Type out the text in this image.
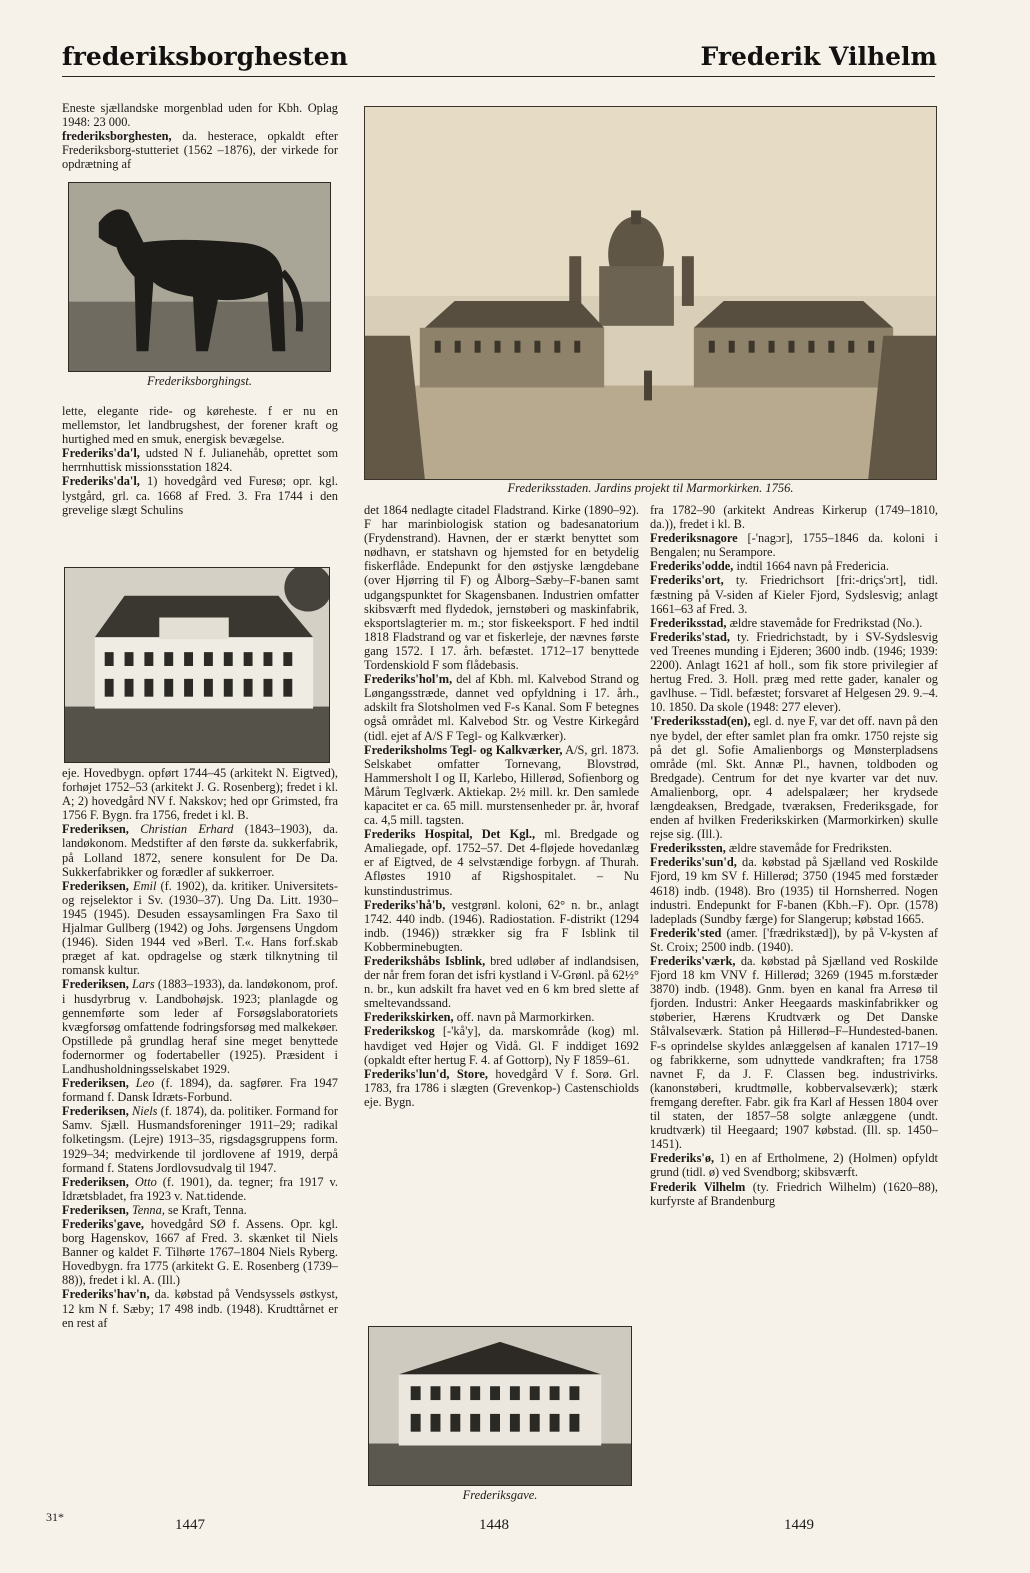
frederiksborghesten	Frederik Vilhelm

Eneste sjællandske morgenblad uden for Kbh. Oplag 1948: 23 000.

frederiksborghesten, da. hesterace, opkaldt efter Frederiksborg-stutteriet (1562 –1876), der virkede for opdrætning af

Frederiksborghingst.

lette, elegante ride- og køreheste. f er nu en mellemstor, let landbrugshest, der forener kraft og hurtighed med en smuk, energisk bevægelse.

Frederiks'da'l, udsted N f. Julianehåb, oprettet som herrnhuttisk missionsstation 1824.

Frederiks'da'l, 1) hovedgård ved Furesø; opr. kgl. lystgård, grl. ca. 1668 af Fred. 3. Fra 1744 i den grevelige slægt Schulins

eje. Hovedbygn. opført 1744–45 (arkitekt N. Eigtved), forhøjet 1752–53 (arkitekt J. G. Rosenberg); fredet i kl. A; 2) hovedgård NV f. Nakskov; hed opr Grimsted, fra 1756 F. Bygn. fra 1756, fredet i kl. B.

Frederiksen, Christian Erhard (1843–1903), da. landøkonom. Medstifter af den første da. sukkerfabrik, på Lolland 1872, senere konsulent for De Da. Sukkerfabrikker og forædler af sukkerroer.

Frederiksen, Emil (f. 1902), da. kritiker. Universitets- og rejselektor i Sv. (1930–37). Ung Da. Litt. 1930–1945 (1945). Desuden essaysamlingen Fra Saxo til Hjalmar Gullberg (1942) og Johs. Jørgensens Ungdom (1946). Siden 1944 ved »Berl. T.«. Hans forf.skab præget af kat. opdragelse og stærk tilknytning til romansk kultur.

Frederiksen, Lars (1883–1933), da. landøkonom, prof. i husdyrbrug v. Landbohøjsk. 1923; planlagde og gennemførte som leder af Forsøgslaboratoriets kvægforsøg omfattende fodringsforsøg med malkekøer. Opstillede på grundlag heraf sine meget benyttede fodernormer og fodertabeller (1925). Præsident i Landhusholdningsselskabet 1929.

Frederiksen, Leo (f. 1894), da. sagfører. Fra 1947 formand f. Dansk Idræts-Forbund.

Frederiksen, Niels (f. 1874), da. politiker. Formand for Samv. Sjæll. Husmandsforeninger 1911–29; radikal folketingsm. (Lejre) 1913–35, rigsdagsgruppens form. 1929–34; medvirkende til jordlovene af 1919, derpå formand f. Statens Jordlovsudvalg til 1947.

Frederiksen, Otto (f. 1901), da. tegner; fra 1917 v. Idrætsbladet, fra 1923 v. Nat.tidende.

Frederiksen, Tenna, se Kraft, Tenna.

Frederiks'gave, hovedgård SØ f. Assens. Opr. kgl. borg Hagenskov, 1667 af Fred. 3. skænket til Niels Banner og kaldet F. Tilhørte 1767–1804 Niels Ryberg. Hovedbygn. fra 1775 (arkitekt G. E. Rosenberg (1739–88)), fredet i kl. A. (Ill.)

Frederiks'hav'n, da. købstad på Vendsyssels østkyst, 12 km N f. Sæby; 17 498 indb. (1948). Krudttårnet er en rest af

Frederiksstaden. Jardins projekt til Marmorkirken. 1756.

det 1864 nedlagte citadel Fladstrand. Kirke (1890–92). F har marinbiologisk station og badesanatorium (Frydenstrand). Havnen, der er stærkt benyttet som nødhavn, er statshavn og hjemsted for en betydelig fiskerflåde. Endepunkt for den østjyske længdebane (over Hjørring til F) og Ålborg–Sæby–F-banen samt udgangspunktet for Skagensbanen. Industrien omfatter skibsværft med flydedok, jernstøberi og maskinfabrik, eksportslagterier m. m.; stor fiskeeksport. F hed indtil 1818 Fladstrand og var et fiskerleje, der nævnes første gang 1572. I 17. årh. befæstet. 1712–17 benyttede Tordenskiold F som flådebasis.

Frederiks'hol'm, del af Kbh. ml. Kalvebod Strand og Løngangsstræde, dannet ved opfyldning i 17. årh., adskilt fra Slotsholmen ved F-s Kanal. Som F betegnes også området ml. Kalvebod Str. og Vestre Kirkegård (tidl. ejet af A/S F Tegl- og Kalkværker).

Frederiksholms Tegl- og Kalkværker, A/S, grl. 1873. Selskabet omfatter Tornevang, Blovstrød, Hammersholt I og II, Karlebo, Hillerød, Sofienborg og Mårum Teglværk. Aktiekap. 2½ mill. kr. Den samlede kapacitet er ca. 65 mill. murstensenheder pr. år, hvoraf ca. 4,5 mill. tagsten.

Frederiks Hospital, Det Kgl., ml. Bredgade og Amaliegade, opf. 1752–57. Det 4-fløjede hovedanlæg er af Eigtved, de 4 selvstændige forbygn. af Thurah. Afløstes 1910 af Rigshospitalet. – Nu kunstindustrimus.

Frederiks'hå'b, vestgrønl. koloni, 62° n. br., anlagt 1742. 440 indb. (1946). Radiostation. F-distrikt (1294 indb. (1946)) strækker sig fra F Isblink til Kobberminebugten.

Frederikshåbs Isblink, bred udløber af indlandsisen, der når frem foran det isfri kystland i V-Grønl. på 62½° n. br., kun adskilt fra havet ved en 6 km bred slette af smeltevandssand.

Frederikskirken, off. navn på Marmorkirken.

Frederikskog [-'kå'y], da. marskområde (kog) ml. havdiget ved Højer og Vidå. Gl. F inddiget 1692 (opkaldt efter hertug F. 4. af Gottorp), Ny F 1859–61.

Frederiks'lun'd, Store, hovedgård V f. Sorø. Grl. 1783, fra 1786 i slægten (Grevenkop-) Castenschiolds eje. Bygn.

Frederiksgave.

fra 1782–90 (arkitekt Andreas Kirkerup (1749–1810, da.)), fredet i kl. B.

Frederiksnagore [-'nagɔr], 1755–1846 da. koloni i Bengalen; nu Serampore.

Frederiks'odde, indtil 1664 navn på Fredericia.

Frederiks'ort, ty. Friedrichsort [fri:-driçs'ɔrt], tidl. fæstning på V-siden af Kieler Fjord, Sydslesvig; anlagt 1661–63 af Fred. 3.

Frederiksstad, ældre stavemåde for Fredrikstad (No.).

Frederiks'stad, ty. Friedrichstadt, by i SV-Sydslesvig ved Treenes munding i Ejderen; 3600 indb. (1946; 1939: 2200). Anlagt 1621 af holl., som fik store privilegier af hertug Fred. 3. Holl. præg med rette gader, kanaler og gavlhuse. – Tidl. befæstet; forsvaret af Helgesen 29. 9.–4. 10. 1850. Da skole (1948: 277 elever).

'Frederiksstad(en), egl. d. nye F, var det off. navn på den nye bydel, der efter samlet plan fra omkr. 1750 rejste sig på det gl. Sofie Amalienborgs og Mønsterpladsens område (ml. Skt. Annæ Pl., havnen, toldboden og Bredgade). Centrum for det nye kvarter var det nuv. Amalienborg, opr. 4 adelspalæer; her krydsede længdeaksen, Bredgade, tværaksen, Frederiksgade, for enden af hvilken Frederikskirken (Marmorkirken) skulle rejse sig. (Ill.).

Frederikssten, ældre stavemåde for Fredriksten.

Frederiks'sun'd, da. købstad på Sjælland ved Roskilde Fjord, 19 km SV f. Hillerød; 3750 (1945 med forstæder 4618) indb. (1948). Bro (1935) til Hornsherred. Nogen industri. Endepunkt for F-banen (Kbh.–F). Opr. (1578) ladeplads (Sundby færge) for Slangerup; købstad 1665.

Frederik'sted (amer. ['frædrikstæd]), by på V-kysten af St. Croix; 2500 indb. (1940).

Frederiks'værk, da. købstad på Sjælland ved Roskilde Fjord 18 km VNV f. Hillerød; 3269 (1945 m.forstæder 3870) indb. (1948). Gnm. byen en kanal fra Arresø til fjorden. Industri: Anker Heegaards maskinfabrikker og støberier, Hærens Krudtværk og Det Danske Stålvalseværk. Station på Hillerød–F–Hundested-banen. F-s oprindelse skyldes anlæggelsen af kanalen 1717–19 og fabrikkerne, som udnyttede vandkraften; fra 1758 navnet F, da J. F. Classen beg. industrivirks. (kanonstøberi, krudtmølle, kobbervalseværk); stærk fremgang derefter. Fabr. gik fra Karl af Hessen 1804 over til staten, der 1857–58 solgte anlæggene (undt. krudtværk) til Heegaard; 1907 købstad. (Ill. sp. 1450–1451).

Frederiks'ø, 1) en af Ertholmene, 2) (Holmen) opfyldt grund (tidl. ø) ved Svendborg; skibsværft.

Frederik Vilhelm (ty. Friedrich Wilhelm) (1620–88), kurfyrste af Brandenburg

31*	1447	1448	1449
